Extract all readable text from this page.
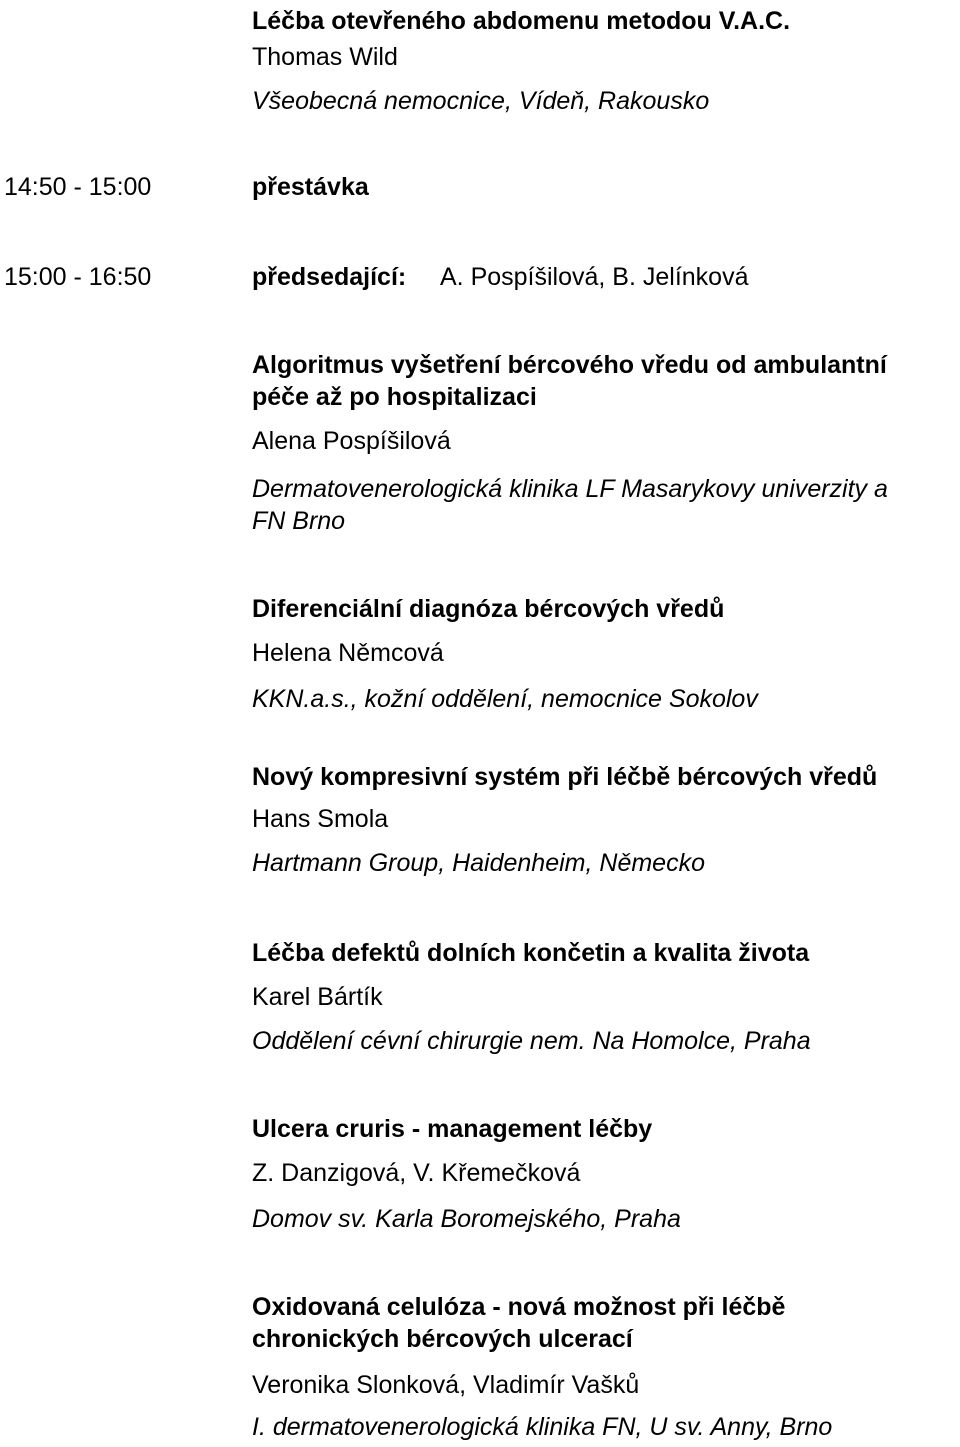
Léčba otevřeného abdomenu metodou V.A.C.
Thomas Wild
Všeobecná nemocnice, Vídeň, Rakousko
14:50 - 15:00	přestávka
15:00 - 16:50	předsedající: A. Pospíšilová, B. Jelínková
Algoritmus vyšetření bércového vředu od ambulantní
péče až po hospitalizaci
Alena Pospíšilová
Dermatovenerologická klinika LF Masarykovy univerzity a
FN Brno
Diferenciální diagnóza bércových vředů
Helena Němcová
KKN.a.s., kožní oddělení, nemocnice Sokolov
Nový kompresivní systém při léčbě bércových vředů
Hans Smola
Hartmann Group, Haidenheim, Německo
Léčba defektů dolních končetin a kvalita života
Karel Bártík
Oddělení cévní chirurgie nem. Na Homolce, Praha
Ulcera cruris - management léčby
Z. Danzigová, V. Křemečková
Domov sv. Karla Boromejského, Praha
Oxidovaná celulóza - nová možnost při léčbě
chronických bércových ulcerací
Veronika Slonková, Vladimír Vašků
I. dermatovenerologická klinika FN, U sv. Anny, Brno
